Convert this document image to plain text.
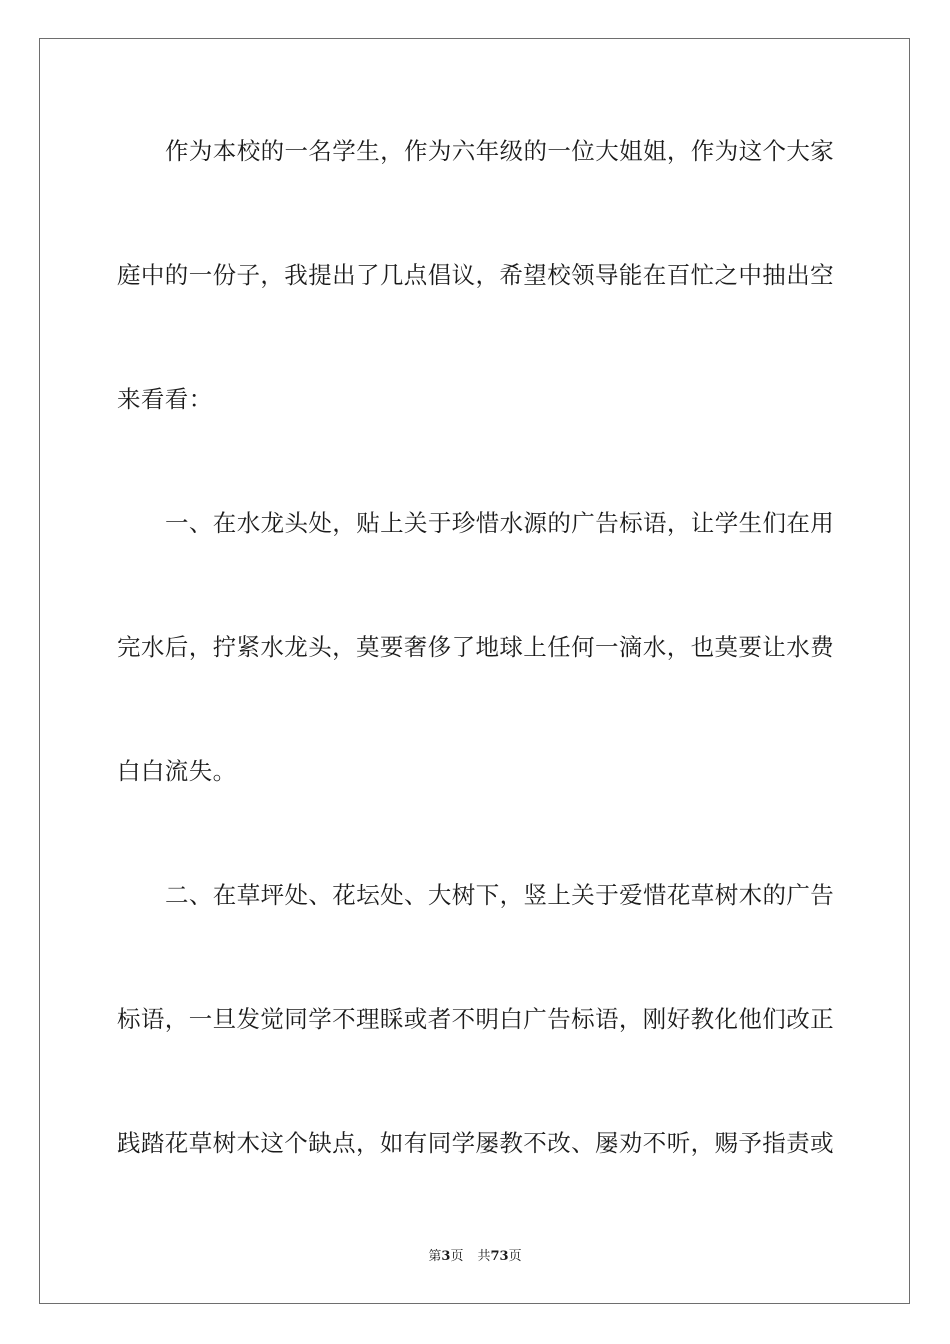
作为本校的一名学生，作为六年级的一位大姐姐，作为这个大家

庭中的一份子，我提出了几点倡议，希望校领导能在百忙之中抽出空

来看看：

一、在水龙头处，贴上关于珍惜水源的广告标语，让学生们在用

完水后，拧紧水龙头，莫要奢侈了地球上任何一滴水，也莫要让水费

白白流失。

二、在草坪处、花坛处、大树下，竖上关于爱惜花草树木的广告

标语，一旦发觉同学不理睬或者不明白广告标语，刚好教化他们改正

践踏花草树木这个缺点，如有同学屡教不改、屡劝不听，赐予指责或

第3页 共73页
